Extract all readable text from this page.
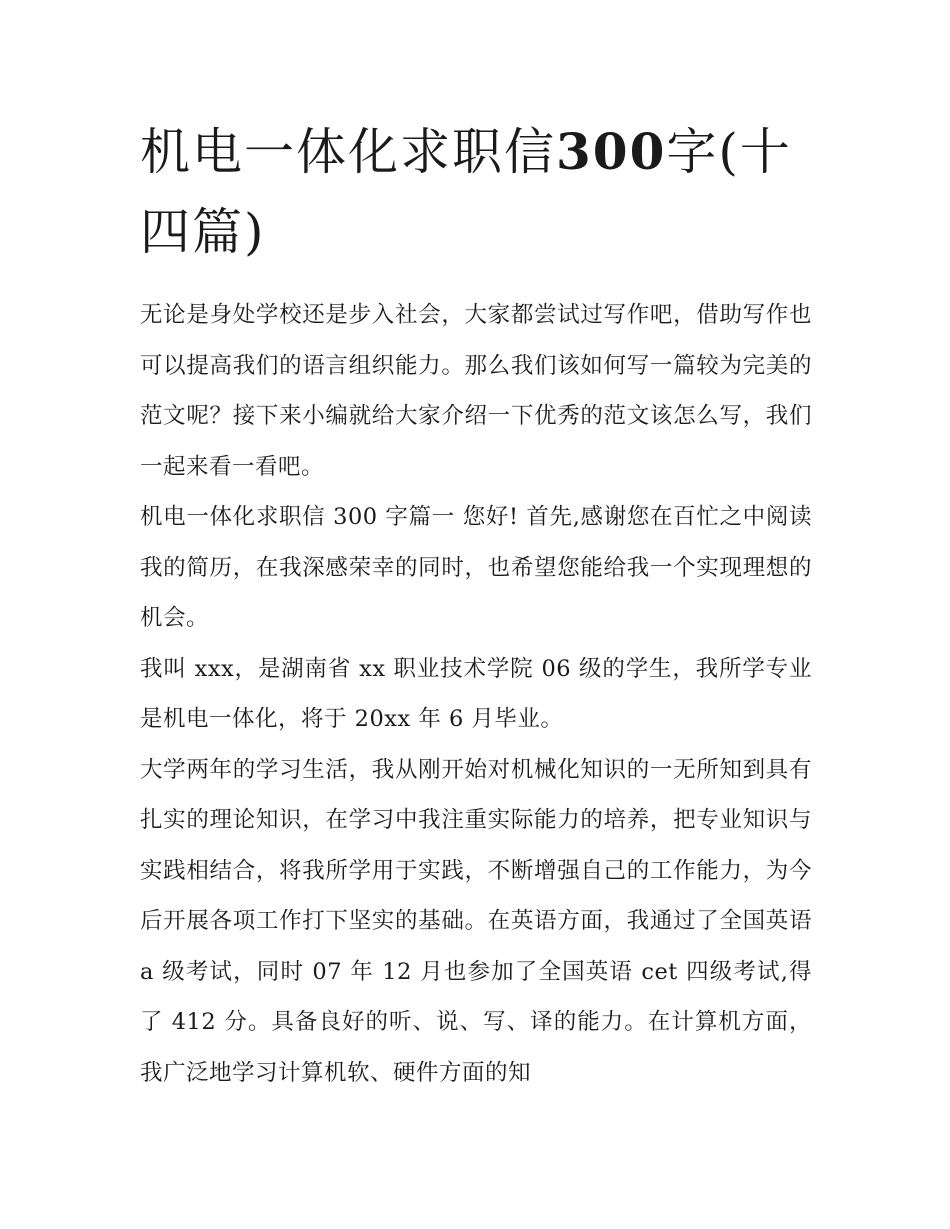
机电一体化求职信300字(十四篇)

无论是身处学校还是步入社会，大家都尝试过写作吧，借助写作也可以提高我们的语言组织能力。那么我们该如何写一篇较为完美的范文呢？接下来小编就给大家介绍一下优秀的范文该怎么写，我们一起来看一看吧。

机电一体化求职信 300 字篇一 您好! 首先,感谢您在百忙之中阅读我的简历，在我深感荣幸的同时，也希望您能给我一个实现理想的机会。

我叫 xxx，是湖南省 xx 职业技术学院 06 级的学生，我所学专业是机电一体化，将于 20xx 年 6 月毕业。

大学两年的学习生活，我从刚开始对机械化知识的一无所知到具有扎实的理论知识，在学习中我注重实际能力的培养，把专业知识与实践相结合，将我所学用于实践，不断增强自己的工作能力，为今后开展各项工作打下坚实的基础。在英语方面，我通过了全国英语 a 级考试，同时 07 年 12 月也参加了全国英语 cet 四级考试,得了 412 分。具备良好的听、说、写、译的能力。在计算机方面，我广泛地学习计算机软、硬件方面的知
